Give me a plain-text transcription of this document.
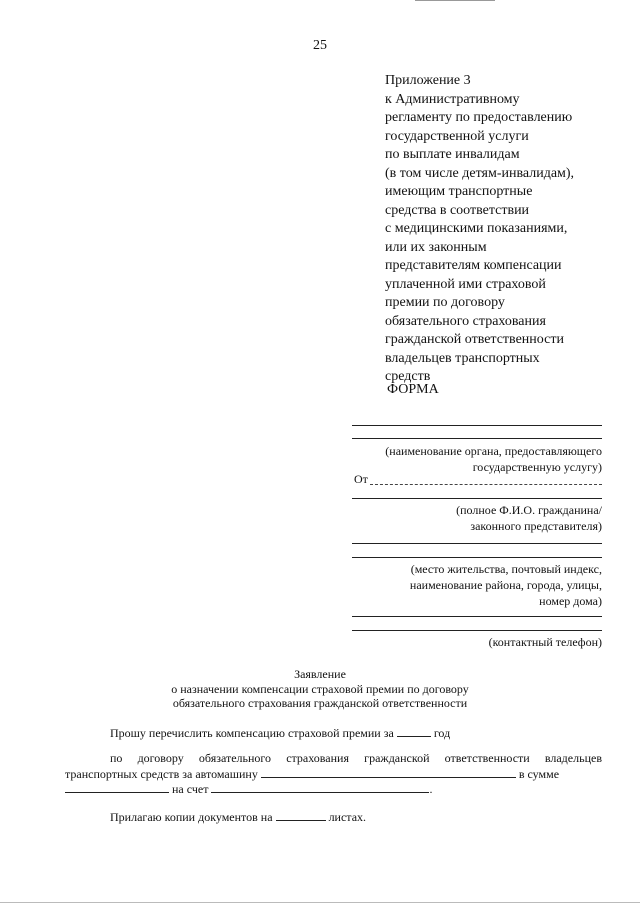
25
Приложение 3
к Административному
регламенту по предоставлению
государственной услуги
по выплате инвалидам
(в том числе детям-инвалидам),
имеющим транспортные
средства в соответствии
с медицинскими показаниями,
или их законным
представителям компенсации
уплаченной ими страховой
премии по договору
обязательного страхования
гражданской ответственности
владельцев транспортных
средств
ФОРМА
(наименование органа, предоставляющего
государственную услугу)
От
(полное Ф.И.О. гражданина/
законного представителя)
(место жительства, почтовый индекс,
наименование района, города, улицы,
номер дома)
(контактный телефон)
Заявление
о назначении компенсации страховой премии по договору
обязательного страхования гражданской ответственности
Прошу перечислить компенсацию страховой премии за	год
по договору обязательного страхования гражданской ответственности владельцев
транспортных средств за автомашину	в сумме
на счет	.
Прилагаю копии документов на	листах.
